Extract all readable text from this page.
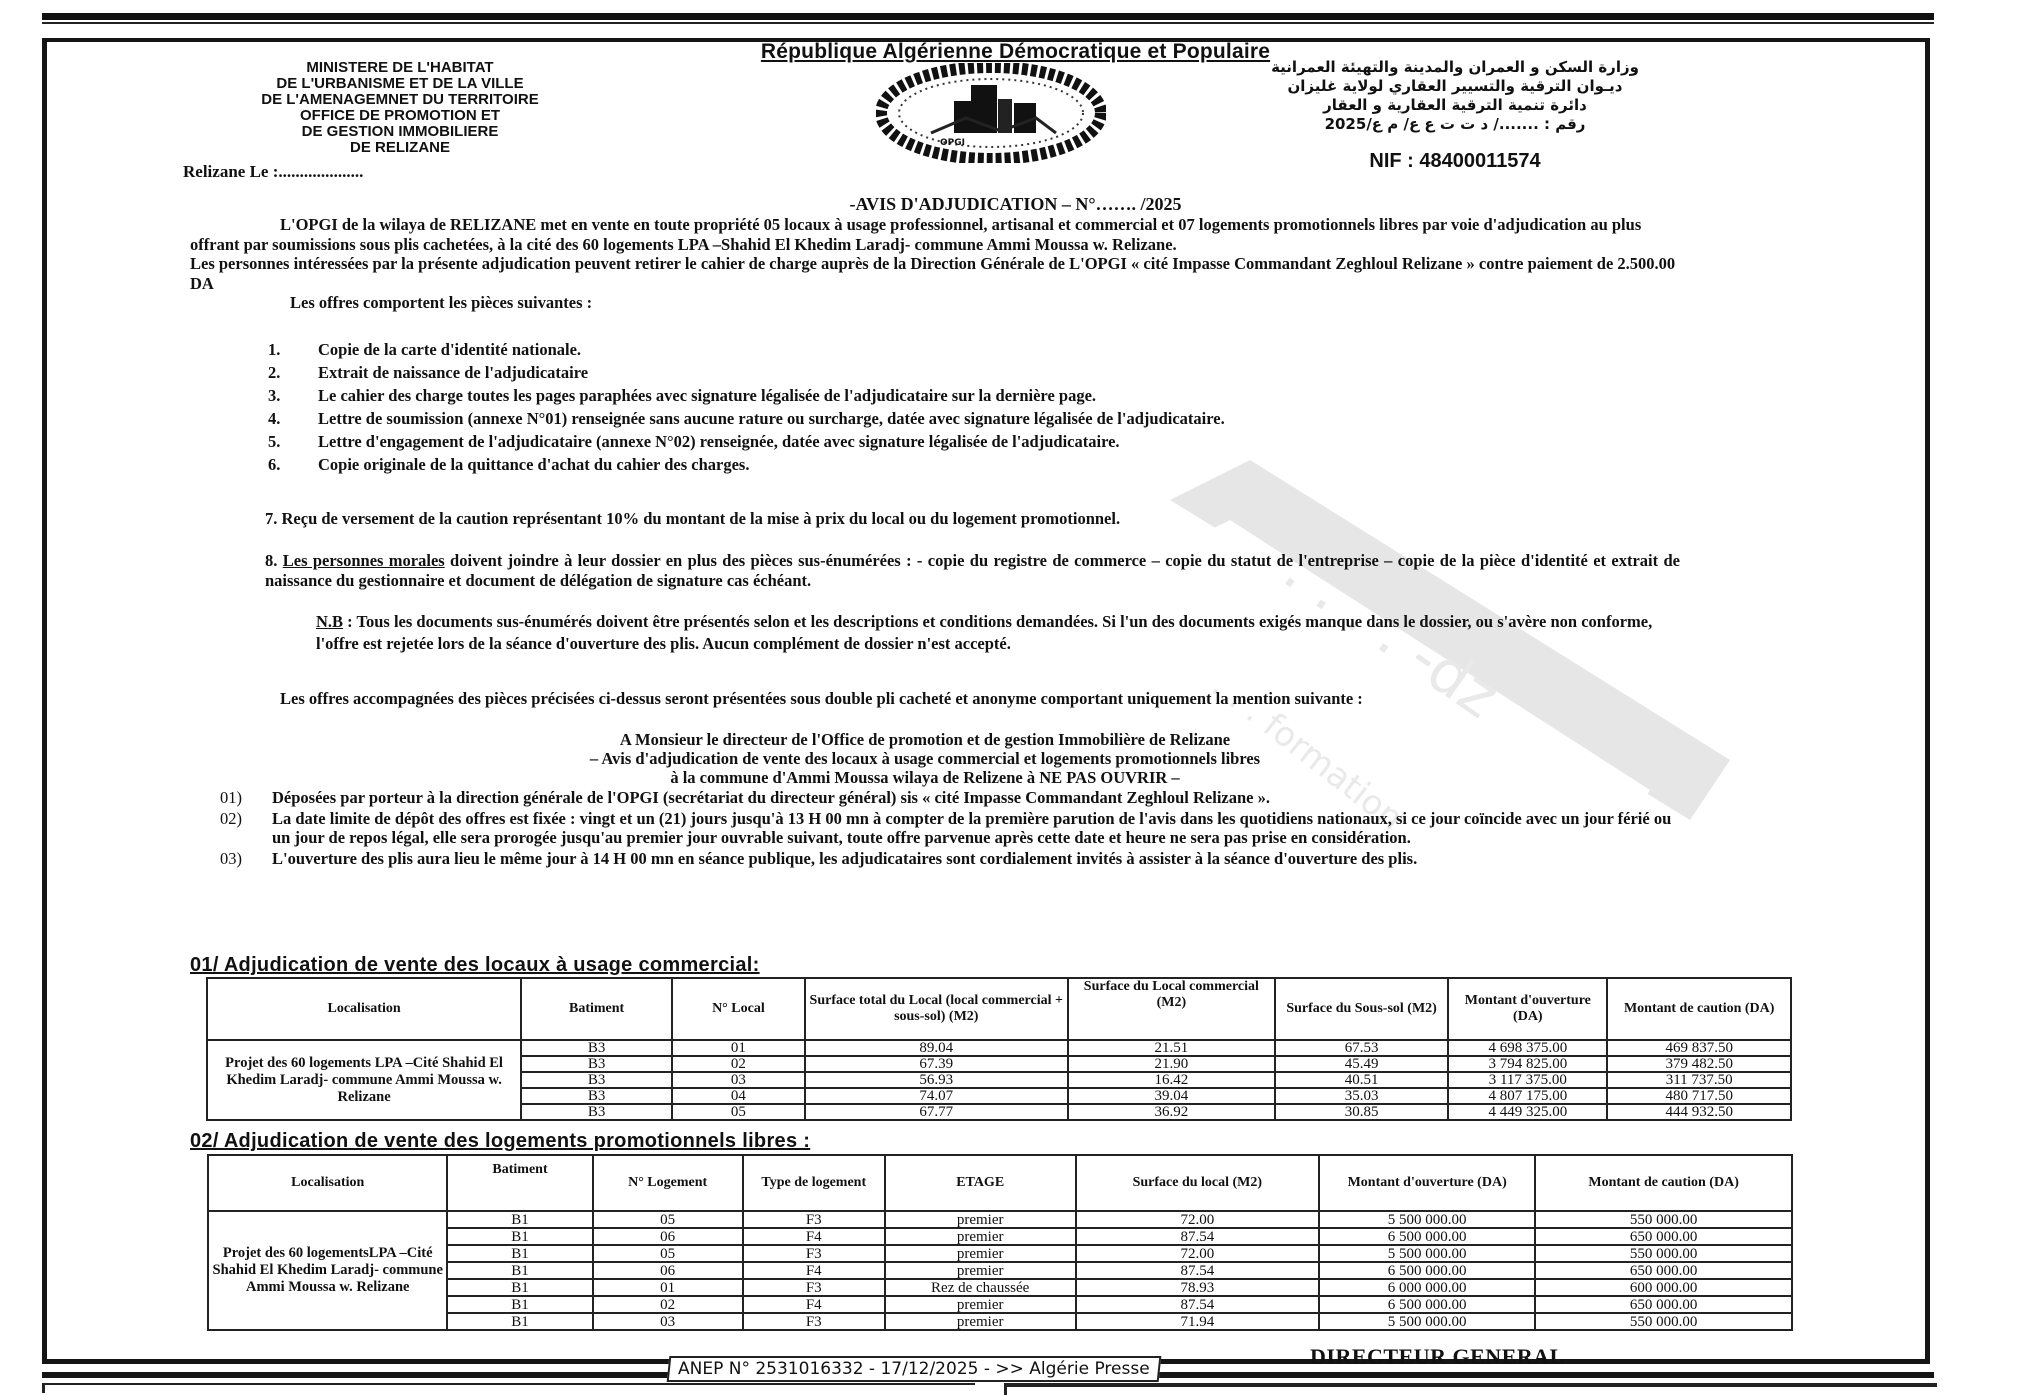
. . . . -dz
. . . formation
République Algérienne Démocratique et Populaire
MINISTERE DE L'HABITAT
DE L'URBANISME ET DE LA VILLE
DE L'AMENAGEMNET DU TERRITOIRE
OFFICE DE PROMOTION ET
DE GESTION IMMOBILIERE
DE RELIZANE
Relizane Le :....................
OPGI
وزارة السكن و العمران والمدينة والتهيئة العمرانية
ديـوان الترقية والتسيير العقاري لولاية غليزان
دائرة تنمية الترقية العقارية و العقار
رقم : ......./ د ت ت ع ع/ م ع/2025
NIF : 48400011574
-AVIS D'ADJUDICATION – N°……. /2025

L'OPGI de la wilaya de RELIZANE met en vente en toute propriété 05 locaux à usage professionnel, artisanal et commercial et 07 logements promotionnels libres par voie d'adjudication au plus offrant par soumissions sous plis cachetées, à la cité des 60 logements LPA –Shahid El Khedim Laradj- commune Ammi Moussa w. Relizane.

Les personnes intéressées par la présente adjudication peuvent retirer le cahier de charge auprès de la Direction Générale de L'OPGI « cité Impasse Commandant Zeghloul Relizane » contre paiement de 2.500.00 DA

Les offres comportent les pièces suivantes :

1.	Copie de la carte d'identité nationale.
2.	Extrait de naissance de l'adjudicataire
3.	Le cahier des charge toutes les pages paraphées avec signature légalisée de l'adjudicataire sur la dernière page.
4.	Lettre de soumission (annexe N°01) renseignée sans aucune rature ou surcharge, datée avec signature légalisée de l'adjudicataire.
5.	Lettre d'engagement de l'adjudicataire (annexe N°02) renseignée, datée avec signature légalisée de l'adjudicataire.
6.	Copie originale de la quittance d'achat du cahier des charges.

7. Reçu de versement de la caution représentant 10% du montant de la mise à prix du local ou du logement promotionnel.

8. Les personnes morales doivent joindre à leur dossier en plus des pièces sus-énumérées : - copie du registre de commerce – copie du statut de l'entreprise – copie de la pièce d'identité et extrait de naissance du gestionnaire et document de délégation de signature cas échéant.

N.B : Tous les documents sus-énumérés doivent être présentés selon et les descriptions et conditions demandées. Si l'un des documents exigés manque dans le dossier, ou s'avère non conforme, l'offre est rejetée lors de la séance d'ouverture des plis. Aucun complément de dossier n'est accepté.

Les offres accompagnées des pièces précisées ci-dessus seront présentées sous double pli cacheté et anonyme comportant uniquement la mention suivante :

A Monsieur le directeur de l'Office de promotion et de gestion Immobilière de Relizane
– Avis d'adjudication de vente des locaux à usage commercial et logements promotionnels libres
à la commune d'Ammi Moussa wilaya de Relizene à NE PAS OUVRIR –
01)	Déposées par porteur à la direction générale de l'OPGI (secrétariat du directeur général) sis « cité Impasse Commandant Zeghloul Relizane ».
02)	La date limite de dépôt des offres est fixée : vingt et un (21) jours jusqu'à 13 H 00 mn à compter de la première parution de l'avis dans les quotidiens nationaux, si ce jour coïncide avec un jour férié ou un jour de repos légal, elle sera prorogée jusqu'au premier jour ouvrable suivant, toute offre parvenue après cette date et heure ne sera pas prise en considération.
03)	L'ouverture des plis aura lieu le même jour à 14 H 00 mn en séance publique, les adjudicataires sont cordialement invités à assister à la séance d'ouverture des plis.
01/ Adjudication de vente des locaux à usage commercial:
Localisation	Batiment	N° Local	Surface total du Local (local commercial + sous-sol) (M2)	Surface du Local commercial (M2)	Surface du Sous-sol (M2)	Montant d'ouverture (DA)	Montant de caution (DA)
Projet des 60 logements LPA –Cité Shahid El Khedim Laradj- commune Ammi Moussa w. Relizane	B3	01	89.04	21.51	67.53	4 698 375.00	469 837.50
	B3	02	67.39	21.90	45.49	3 794 825.00	379 482.50
	B3	03	56.93	16.42	40.51	3 117 375.00	311 737.50
	B3	04	74.07	39.04	35.03	4 807 175.00	480 717.50
	B3	05	67.77	36.92	30.85	4 449 325.00	444 932.50
02/ Adjudication de vente des logements promotionnels libres :
Localisation	Batiment	N° Logement	Type de logement	ETAGE	Surface du local (M2)	Montant d'ouverture (DA)	Montant de caution (DA)
Projet des 60 logementsLPA –Cité Shahid El Khedim Laradj- commune Ammi Moussa w. Relizane	B1	05	F3	premier	72.00	5 500 000.00	550 000.00
	B1	06	F4	premier	87.54	6 500 000.00	650 000.00
	B1	05	F3	premier	72.00	5 500 000.00	550 000.00
	B1	06	F4	premier	87.54	6 500 000.00	650 000.00
	B1	01	F3	Rez de chaussée	78.93	6 000 000.00	600 000.00
	B1	02	F4	premier	87.54	6 500 000.00	650 000.00
	B1	03	F3	premier	71.94	5 500 000.00	550 000.00
ANEP N° 2531016332 - 17/12/2025 - >> Algérie Presse	DIRECTEUR GENERAL
